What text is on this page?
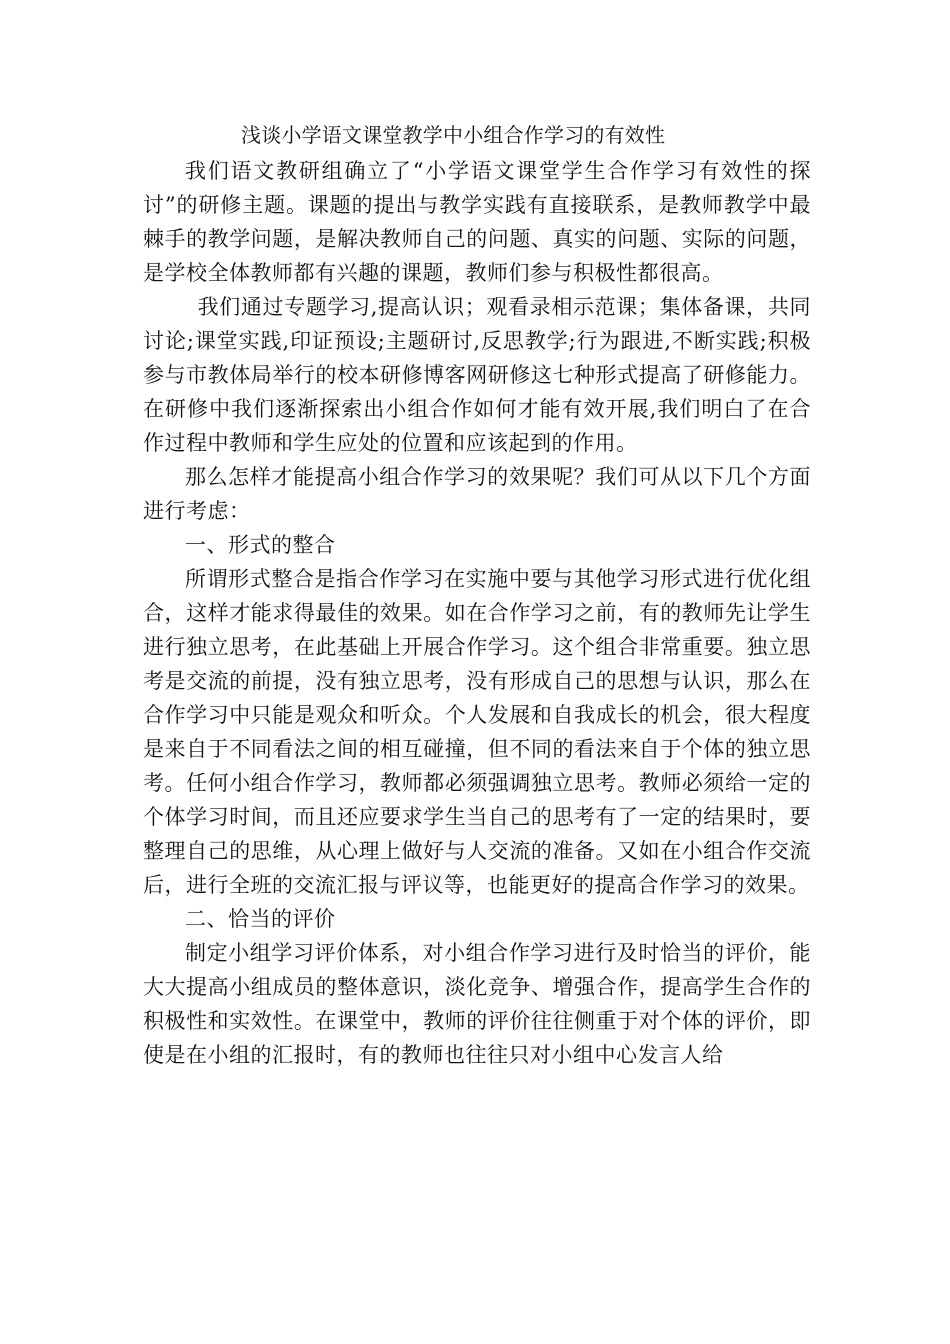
浅谈小学语文课堂教学中小组合作学习的有效性

我们语文教研组确立了“小学语文课堂学生合作学习有效性的探讨”的研修主题。课题的提出与教学实践有直接联系，是教师教学中最棘手的教学问题，是解决教师自己的问题、真实的问题、实际的问题，是学校全体教师都有兴趣的课题，教师们参与积极性都很高。

我们通过专题学习,提高认识；观看录相示范课；集体备课，共同讨论;课堂实践,印证预设;主题研讨,反思教学;行为跟进,不断实践;积极参与市教体局举行的校本研修博客网研修这七种形式提高了研修能力。在研修中我们逐渐探索出小组合作如何才能有效开展,我们明白了在合作过程中教师和学生应处的位置和应该起到的作用。

那么怎样才能提高小组合作学习的效果呢？我们可从以下几个方面进行考虑：

一、形式的整合

所谓形式整合是指合作学习在实施中要与其他学习形式进行优化组合，这样才能求得最佳的效果。如在合作学习之前，有的教师先让学生进行独立思考，在此基础上开展合作学习。这个组合非常重要。独立思考是交流的前提，没有独立思考，没有形成自己的思想与认识，那么在合作学习中只能是观众和听众。个人发展和自我成长的机会，很大程度是来自于不同看法之间的相互碰撞，但不同的看法来自于个体的独立思考。任何小组合作学习，教师都必须强调独立思考。教师必须给一定的个体学习时间，而且还应要求学生当自己的思考有了一定的结果时，要整理自己的思维，从心理上做好与人交流的准备。又如在小组合作交流后，进行全班的交流汇报与评议等，也能更好的提高合作学习的效果。

二、恰当的评价

制定小组学习评价体系，对小组合作学习进行及时恰当的评价，能大大提高小组成员的整体意识，淡化竞争、增强合作，提高学生合作的积极性和实效性。在课堂中，教师的评价往往侧重于对个体的评价，即使是在小组的汇报时，有的教师也往往只对小组中心发言人给
